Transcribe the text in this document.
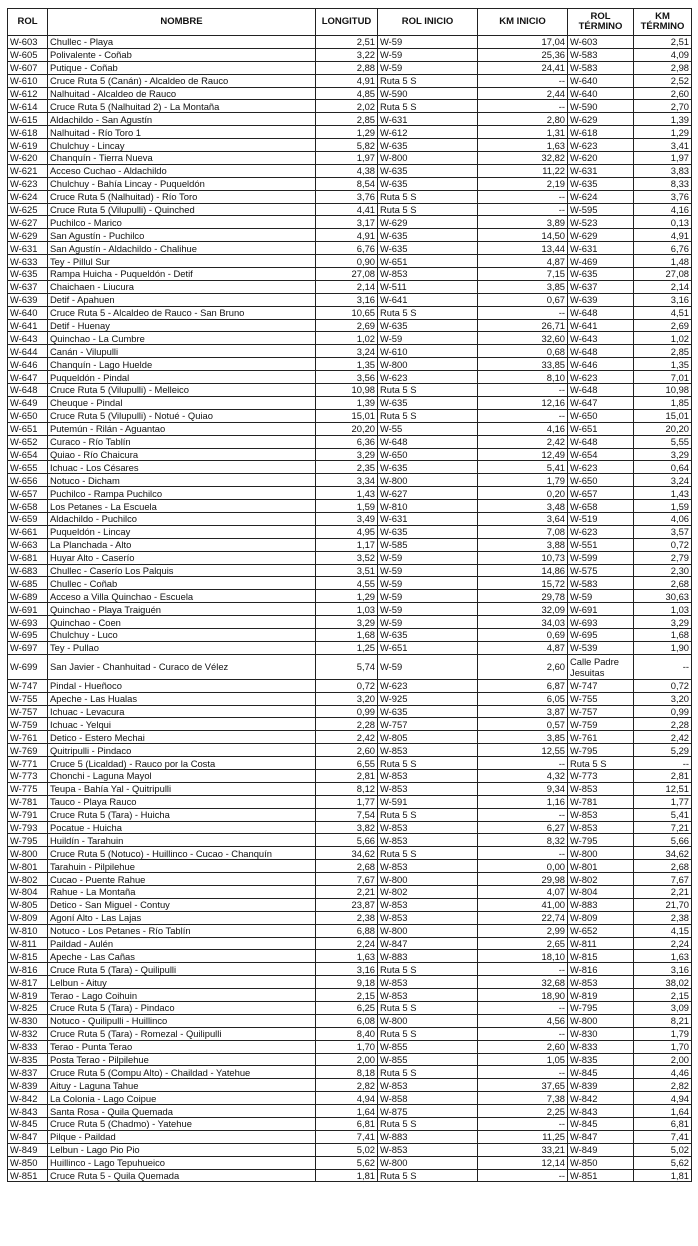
ROL	NOMBRE	LONGITUD	ROL INICIO	KM INICIO	ROL TÉRMINO	KM TÉRMINO
W-603	Chullec - Playa	2,51	W-59	17,04	W-603	2,51
W-605	Polivalente - Coñab	3,22	W-59	25,36	W-583	4,09
W-607	Putique - Coñab	2,88	W-59	24,41	W-583	2,98
W-610	Cruce Ruta 5 (Canán) - Alcaldeo de Rauco	4,91	Ruta 5 S	--	W-640	2,52
W-612	Nalhuitad - Alcaldeo de Rauco	4,85	W-590	2,44	W-640	2,60
W-614	Cruce Ruta 5 (Nalhuitad 2) - La Montaña	2,02	Ruta 5 S	--	W-590	2,70
W-615	Aldachildo - San Agustín	2,85	W-631	2,80	W-629	1,39
W-618	Nalhuitad - Río Toro 1	1,29	W-612	1,31	W-618	1,29
W-619	Chulchuy - Lincay	5,82	W-635	1,63	W-623	3,41
W-620	Chanquín - Tierra Nueva	1,97	W-800	32,82	W-620	1,97
W-621	Acceso Cuchao - Aldachildo	4,38	W-635	11,22	W-631	3,83
W-623	Chulchuy - Bahía Lincay - Puqueldón	8,54	W-635	2,19	W-635	8,33
W-624	Cruce Ruta 5 (Nalhuitad) - Río Toro	3,76	Ruta 5 S	--	W-624	3,76
W-625	Cruce Ruta 5 (Vilupulli) - Quinched	4,41	Ruta 5 S	--	W-595	4,16
W-627	Puchilco - Marico	3,17	W-629	3,89	W-523	0,13
W-629	San Agustín - Puchilco	4,91	W-635	14,50	W-629	4,91
W-631	San Agustín - Aldachildo - Chalihue	6,76	W-635	13,44	W-631	6,76
W-633	Tey - Pillul Sur	0,90	W-651	4,87	W-469	1,48
W-635	Rampa Huicha - Puqueldón - Detif	27,08	W-853	7,15	W-635	27,08
W-637	Chaichaen - Liucura	2,14	W-511	3,85	W-637	2,14
W-639	Detif - Apahuen	3,16	W-641	0,67	W-639	3,16
W-640	Cruce Ruta 5 - Alcaldeo de Rauco - San Bruno	10,65	Ruta 5 S	--	W-648	4,51
W-641	Detif - Huenay	2,69	W-635	26,71	W-641	2,69
W-643	Quinchao - La Cumbre	1,02	W-59	32,60	W-643	1,02
W-644	Canán - Vilupulli	3,24	W-610	0,68	W-648	2,85
W-646	Chanquín - Lago Huelde	1,35	W-800	33,85	W-646	1,35
W-647	Puqueldón - Pindal	3,56	W-623	8,10	W-623	7,01
W-648	Cruce Ruta 5 (Vilupulli) - Melleico	10,98	Ruta 5 S	--	W-648	10,98
W-649	Cheuque - Pindal	1,39	W-635	12,16	W-647	1,85
W-650	Cruce Ruta 5 (Vilupulli) - Notué - Quiao	15,01	Ruta 5 S	--	W-650	15,01
W-651	Putemún - Rilán - Aguantao	20,20	W-55	4,16	W-651	20,20
W-652	Curaco - Río Tablín	6,36	W-648	2,42	W-648	5,55
W-654	Quiao - Río Chaicura	3,29	W-650	12,49	W-654	3,29
W-655	Ichuac - Los Césares	2,35	W-635	5,41	W-623	0,64
W-656	Notuco - Dicham	3,34	W-800	1,79	W-650	3,24
W-657	Puchilco - Rampa Puchilco	1,43	W-627	0,20	W-657	1,43
W-658	Los Petanes - La Escuela	1,59	W-810	3,48	W-658	1,59
W-659	Aldachildo - Puchilco	3,49	W-631	3,64	W-519	4,06
W-661	Puqueldón - Lincay	4,95	W-635	7,08	W-623	3,57
W-663	La Planchada - Alto	1,17	W-585	3,88	W-551	0,72
W-681	Huyar Alto - Caserío	3,52	W-59	10,73	W-599	2,79
W-683	Chullec - Caserío Los Palquis	3,51	W-59	14,86	W-575	2,30
W-685	Chullec - Coñab	4,55	W-59	15,72	W-583	2,68
W-689	Acceso a Villa Quinchao - Escuela	1,29	W-59	29,78	W-59	30,63
W-691	Quinchao - Playa Traiguén	1,03	W-59	32,09	W-691	1,03
W-693	Quinchao - Coen	3,29	W-59	34,03	W-693	3,29
W-695	Chulchuy - Luco	1,68	W-635	0,69	W-695	1,68
W-697	Tey - Pullao	1,25	W-651	4,87	W-539	1,90
W-699	San Javier - Chanhuitad - Curaco de Vélez	5,74	W-59	2,60	Calle Padre Jesuitas	--
W-747	Pindal - Hueñoco	0,72	W-623	6,87	W-747	0,72
W-755	Apeche - Las Hualas	3,20	W-925	6,05	W-755	3,20
W-757	Ichuac - Levacura	0,99	W-635	3,87	W-757	0,99
W-759	Ichuac - Yelqui	2,28	W-757	0,57	W-759	2,28
W-761	Detico - Estero Mechai	2,42	W-805	3,85	W-761	2,42
W-769	Quitripulli - Pindaco	2,60	W-853	12,55	W-795	5,29
W-771	Cruce 5 (Licaldad) - Rauco por la Costa	6,55	Ruta 5 S	--	Ruta 5 S	--
W-773	Chonchi - Laguna Mayol	2,81	W-853	4,32	W-773	2,81
W-775	Teupa - Bahía Yal - Quitripulli	8,12	W-853	9,34	W-853	12,51
W-781	Tauco - Playa Rauco	1,77	W-591	1,16	W-781	1,77
W-791	Cruce Ruta 5 (Tara) - Huicha	7,54	Ruta 5 S	--	W-853	5,41
W-793	Pocatue - Huicha	3,82	W-853	6,27	W-853	7,21
W-795	Huildín - Tarahuin	5,66	W-853	8,32	W-795	5,66
W-800	Cruce Ruta 5 (Notuco) - Huillinco - Cucao - Chanquín	34,62	Ruta 5 S	--	W-800	34,62
W-801	Tarahuin - Pilpilehue	2,68	W-853	0,00	W-801	2,68
W-802	Cucao - Puente Rahue	7,67	W-800	29,98	W-802	7,67
W-804	Rahue - La Montaña	2,21	W-802	4,07	W-804	2,21
W-805	Detico - San Miguel - Contuy	23,87	W-853	41,00	W-883	21,70
W-809	Agoní Alto - Las Lajas	2,38	W-853	22,74	W-809	2,38
W-810	Notuco - Los Petanes - Río Tablín	6,88	W-800	2,99	W-652	4,15
W-811	Paildad - Aulén	2,24	W-847	2,65	W-811	2,24
W-815	Apeche - Las Cañas	1,63	W-883	18,10	W-815	1,63
W-816	Cruce Ruta 5 (Tara) - Quilipulli	3,16	Ruta 5 S	--	W-816	3,16
W-817	Lelbun - Aituy	9,18	W-853	32,68	W-853	38,02
W-819	Terao - Lago Coihuin	2,15	W-853	18,90	W-819	2,15
W-825	Cruce Ruta 5 (Tara) - Pindaco	6,25	Ruta 5 S	--	W-795	3,09
W-830	Notuco - Quilipulli - Huillinco	6,08	W-800	4,56	W-800	8,21
W-832	Cruce Ruta 5 (Tara) - Romezal - Quilipulli	8,40	Ruta 5 S	--	W-830	1,79
W-833	Terao - Punta Terao	1,70	W-855	2,60	W-833	1,70
W-835	Posta Terao - Pilpilehue	2,00	W-855	1,05	W-835	2,00
W-837	Cruce Ruta 5 (Compu Alto) - Chaildad - Yatehue	8,18	Ruta 5 S	--	W-845	4,46
W-839	Aituy - Laguna Tahue	2,82	W-853	37,65	W-839	2,82
W-842	La Colonia - Lago Coipue	4,94	W-858	7,38	W-842	4,94
W-843	Santa Rosa - Quila Quemada	1,64	W-875	2,25	W-843	1,64
W-845	Cruce Ruta 5 (Chadmo) - Yatehue	6,81	Ruta 5 S	--	W-845	6,81
W-847	Pilque - Paildad	7,41	W-883	11,25	W-847	7,41
W-849	Lelbun - Lago Pio Pio	5,02	W-853	33,21	W-849	5,02
W-850	Huillinco - Lago Tepuhueico	5,62	W-800	12,14	W-850	5,62
W-851	Cruce Ruta 5 - Quila Quemada	1,81	Ruta 5 S	--	W-851	1,81
